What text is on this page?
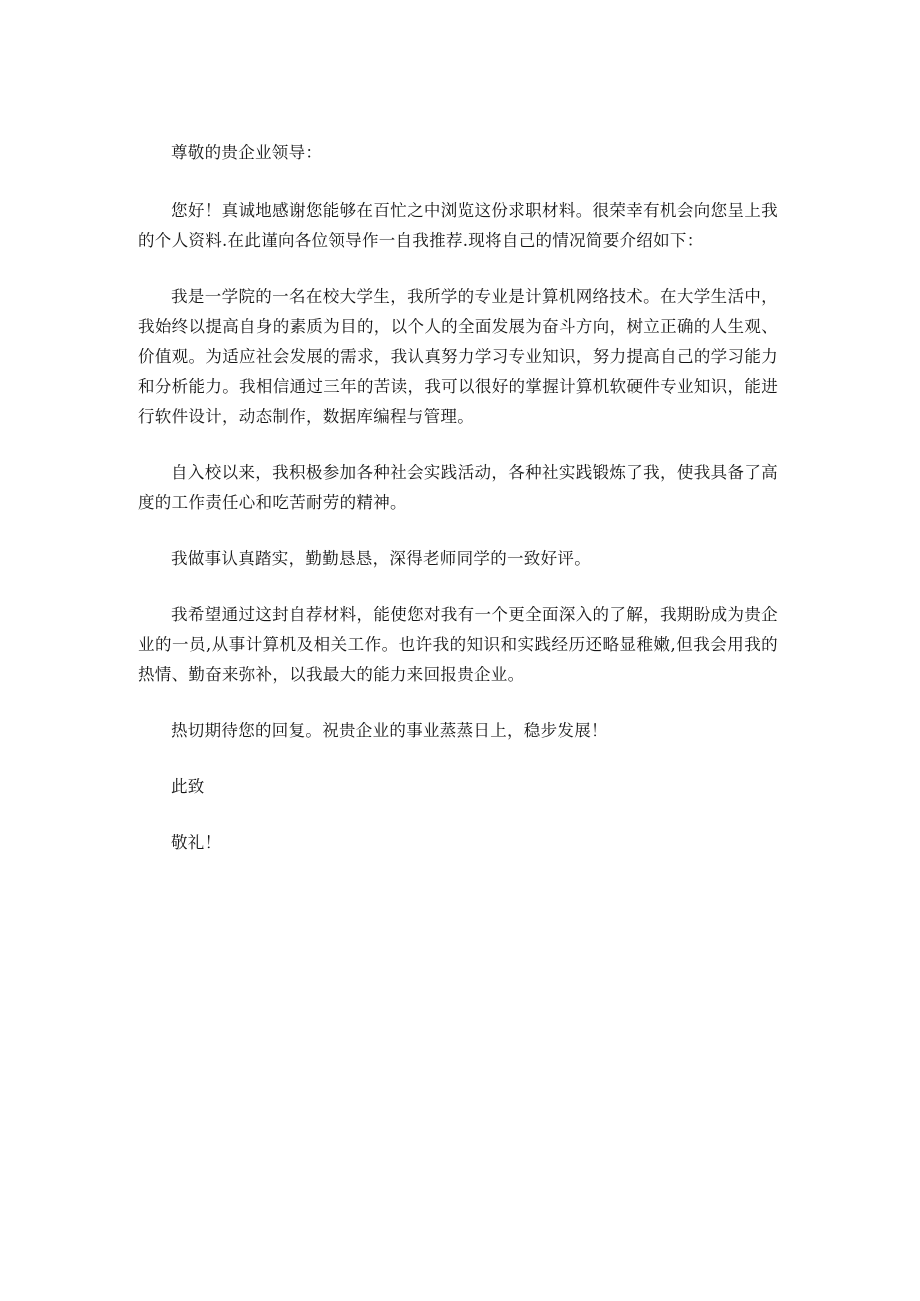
尊敬的贵企业领导：

您好！真诚地感谢您能够在百忙之中浏览这份求职材料。很荣幸有机会向您呈上我的个人资料.在此谨向各位领导作一自我推荐.现将自己的情况简要介绍如下：

我是一学院的一名在校大学生，我所学的专业是计算机网络技术。在大学生活中，我始终以提高自身的素质为目的，以个人的全面发展为奋斗方向，树立正确的人生观、价值观。为适应社会发展的需求，我认真努力学习专业知识，努力提高自己的学习能力和分析能力。我相信通过三年的苦读，我可以很好的掌握计算机软硬件专业知识，能进行软件设计，动态制作，数据库编程与管理。

自入校以来，我积极参加各种社会实践活动，各种社实践锻炼了我，使我具备了高度的工作责任心和吃苦耐劳的精神。

我做事认真踏实，勤勤恳恳，深得老师同学的一致好评。

我希望通过这封自荐材料，能使您对我有一个更全面深入的了解，我期盼成为贵企业的一员,从事计算机及相关工作。也许我的知识和实践经历还略显稚嫩,但我会用我的热情、勤奋来弥补，以我最大的能力来回报贵企业。

热切期待您的回复。祝贵企业的事业蒸蒸日上，稳步发展！

此致

敬礼！
